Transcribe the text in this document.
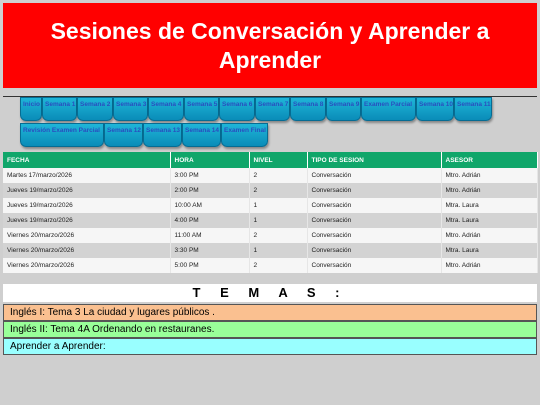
Sesiones de Conversación y Aprender a Aprender
Inicio Semana 1 Semana 2 Semana 3 Semana 4 Semana 5 Semana 6 Semana 7 Semana 8 Semana 9 Examen Parcial	Semana 10 Semana 11
Revisión Examen Parcial	Semana 12 Semana 13 Semana 14 Examen Final
FECHA	HORA	NIVEL	TIPO DE SESION	ASESOR
Martes 17/marzo/2026	3:00 PM	2	Conversación	Mtro. Adrián
Jueves 19/marzo/2026	2:00 PM	2	Conversación	Mtro. Adrián
Jueves 19/marzo/2026	10:00 AM	1	Conversación	Mtra. Laura
Jueves 19/marzo/2026	4:00 PM	1	Conversación	Mtra. Laura
Viernes 20/marzo/2026	11:00 AM	2	Conversación	Mtro. Adrián
Viernes 20/marzo/2026	3:30 PM	1	Conversación	Mtra. Laura
Viernes 20/marzo/2026	5:00 PM	2	Conversación	Mtro. Adrián
T E M A S :
Inglés I: Tema 3 La ciudad y lugares públicos .
Inglés II: Tema 4A Ordenando en restauranes.
Aprender a Aprender:
